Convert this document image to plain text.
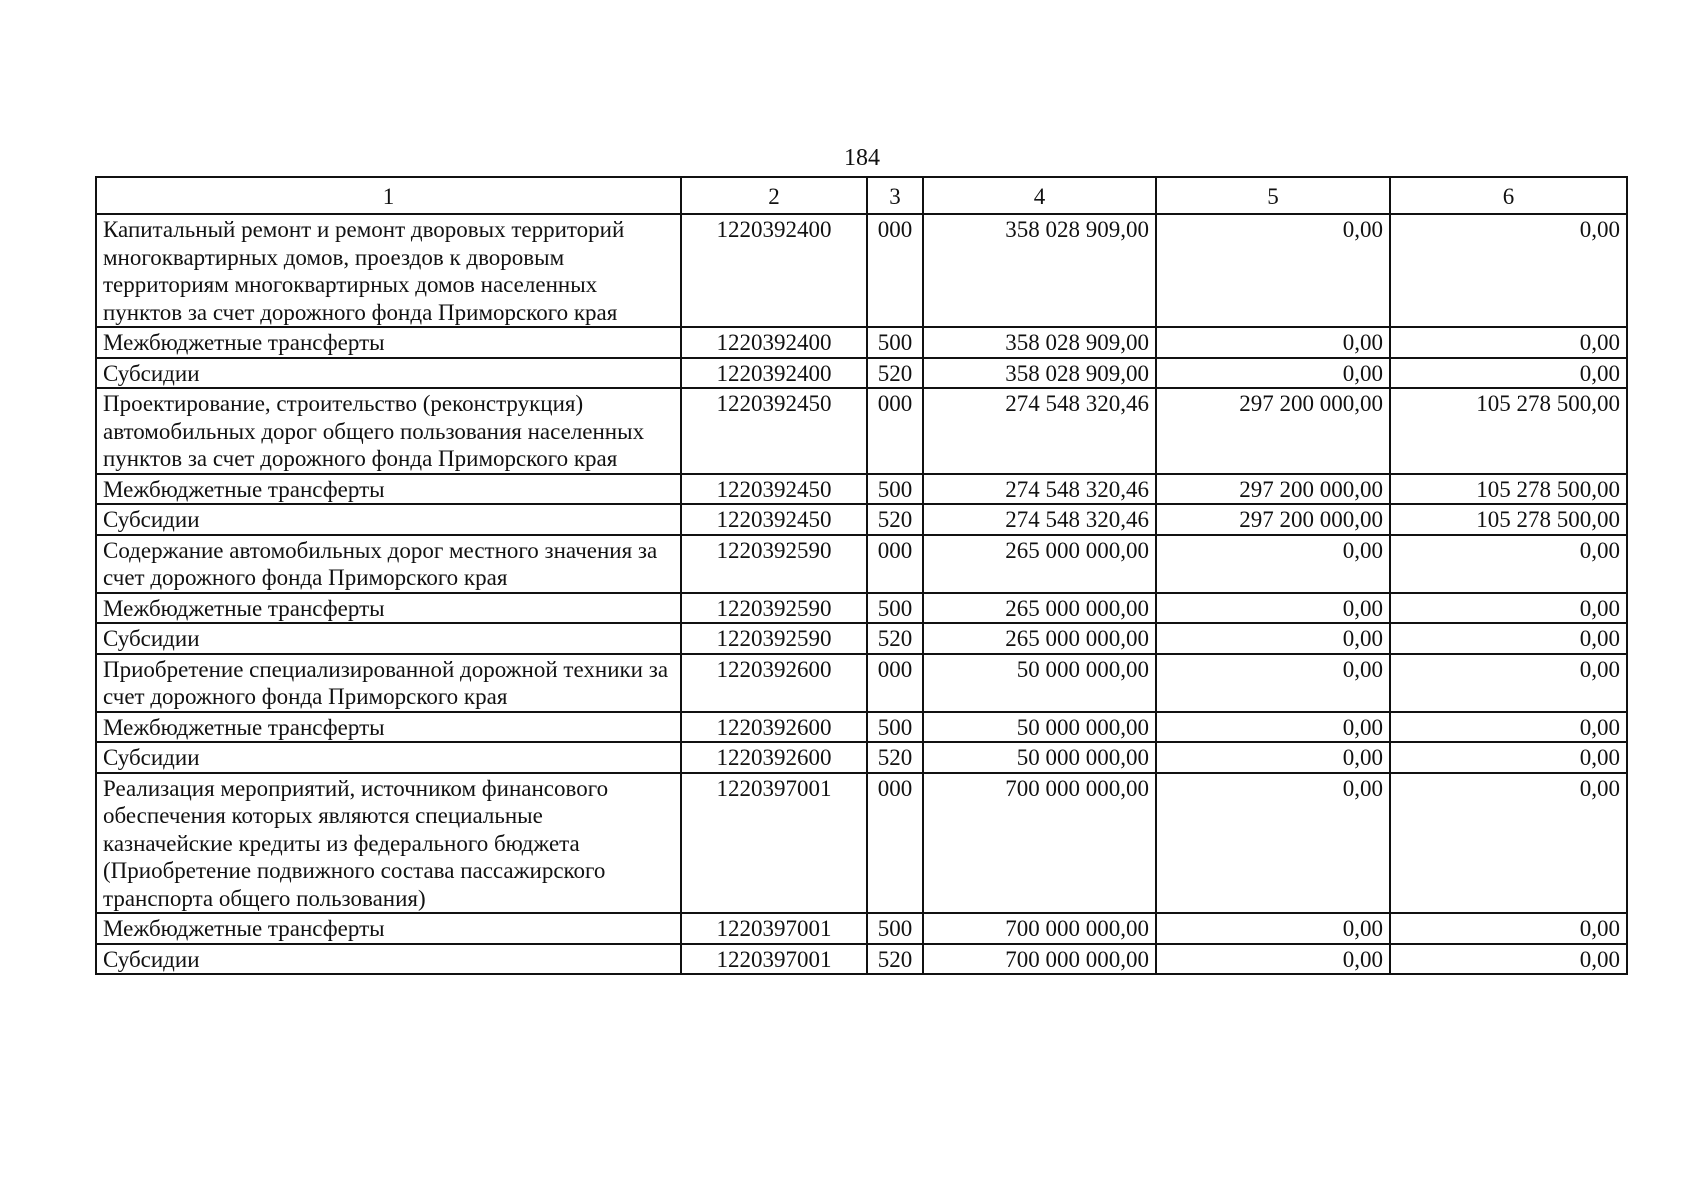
184
1	2	3	4	5	6
Капитальный ремонт и ремонт дворовых территорий многоквартирных домов, проездов к дворовым территориям многоквартирных домов населенных пунктов за счет дорожного фонда Приморского края	1220392400	000	358 028 909,00	0,00	0,00
Межбюджетные трансферты	1220392400	500	358 028 909,00	0,00	0,00
Субсидии	1220392400	520	358 028 909,00	0,00	0,00
Проектирование, строительство (реконструкция) автомобильных дорог общего пользования населенных пунктов за счет дорожного фонда Приморского края	1220392450	000	274 548 320,46	297 200 000,00	105 278 500,00
Межбюджетные трансферты	1220392450	500	274 548 320,46	297 200 000,00	105 278 500,00
Субсидии	1220392450	520	274 548 320,46	297 200 000,00	105 278 500,00
Содержание автомобильных дорог местного значения за счет дорожного фонда Приморского края	1220392590	000	265 000 000,00	0,00	0,00
Межбюджетные трансферты	1220392590	500	265 000 000,00	0,00	0,00
Субсидии	1220392590	520	265 000 000,00	0,00	0,00
Приобретение специализированной дорожной техники за счет дорожного фонда Приморского края	1220392600	000	50 000 000,00	0,00	0,00
Межбюджетные трансферты	1220392600	500	50 000 000,00	0,00	0,00
Субсидии	1220392600	520	50 000 000,00	0,00	0,00
Реализация мероприятий, источником финансового обеспечения которых являются специальные казначейские кредиты из федерального бюджета (Приобретение подвижного состава пассажирского транспорта общего пользования)	1220397001	000	700 000 000,00	0,00	0,00
Межбюджетные трансферты	1220397001	500	700 000 000,00	0,00	0,00
Субсидии	1220397001	520	700 000 000,00	0,00	0,00
